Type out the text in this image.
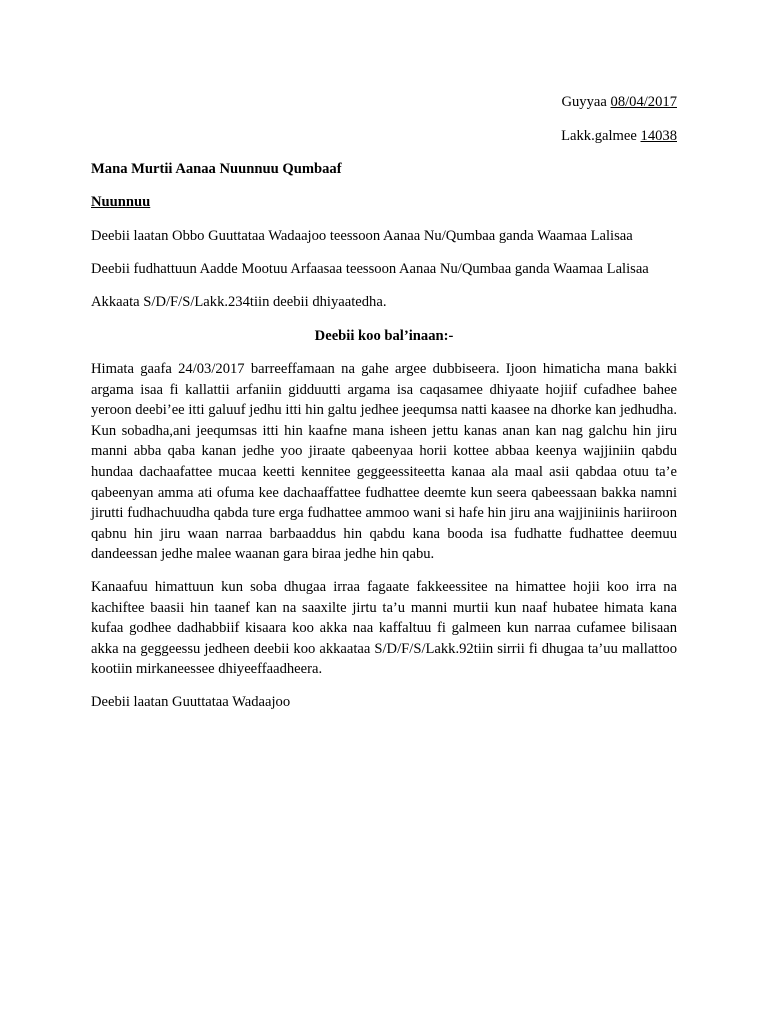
Guyyaa 08/04/2017
Lakk.galmee 14038
Mana Murtii Aanaa Nuunnuu Qumbaaf
Nuunnuu
Deebii laatan Obbo Guuttataa Wadaajoo teessoon Aanaa Nu/Qumbaa ganda Waamaa Lalisaa
Deebii fudhattuun Aadde Mootuu Arfaasaa teessoon Aanaa Nu/Qumbaa ganda Waamaa Lalisaa
Akkaata S/D/F/S/Lakk.234tiin deebii dhiyaatedha.
Deebii koo bal’inaan:-
Himata gaafa 24/03/2017 barreeffamaan na gahe argee dubbiseera. Ijoon himaticha mana bakki argama isaa fi kallattii arfaniin gidduutti argama isa caqasamee dhiyaate hojiif cufadhee bahee yeroon deebi’ee itti galuuf jedhu itti hin galtu jedhee jeequmsa natti kaasee na dhorke kan jedhudha. Kun sobadha,ani jeequmsas itti hin kaafne mana isheen jettu kanas anan kan nag galchu hin jiru manni abba qaba kanan jedhe yoo jiraate qabeenyaa horii kottee abbaa keenya wajjiniin qabdu hundaa dachaafattee mucaa keetti kennitee geggeessiteetta kanaa ala maal asii qabdaa otuu ta’e qabeenyan amma ati ofuma kee dachaaffattee fudhattee deemte kun seera qabeessaan bakka namni jirutti fudhachuudha qabda ture erga fudhattee ammoo wani si hafe hin jiru ana wajjiniinis hariiroon qabnu hin jiru waan narraa barbaaddus hin qabdu kana booda isa fudhatte fudhattee deemuu dandeessan jedhe malee waanan gara biraa jedhe hin qabu.
Kanaafuu himattuun kun soba dhugaa irraa fagaate fakkeessitee na himattee hojii koo irra na kachiftee baasii hin taanef kan na saaxilte jirtu ta’u manni murtii kun naaf hubatee himata kana kufaa godhee dadhabbiif kisaara koo akka naa kaffaltuu fi galmeen kun narraa cufamee bilisaan akka na geggeessu jedheen deebii koo akkaataa S/D/F/S/Lakk.92tiin sirrii fi dhugaa ta’uu mallattoo kootiin mirkaneessee dhiyeeffaadheera.
Deebii laatan Guuttataa Wadaajoo
